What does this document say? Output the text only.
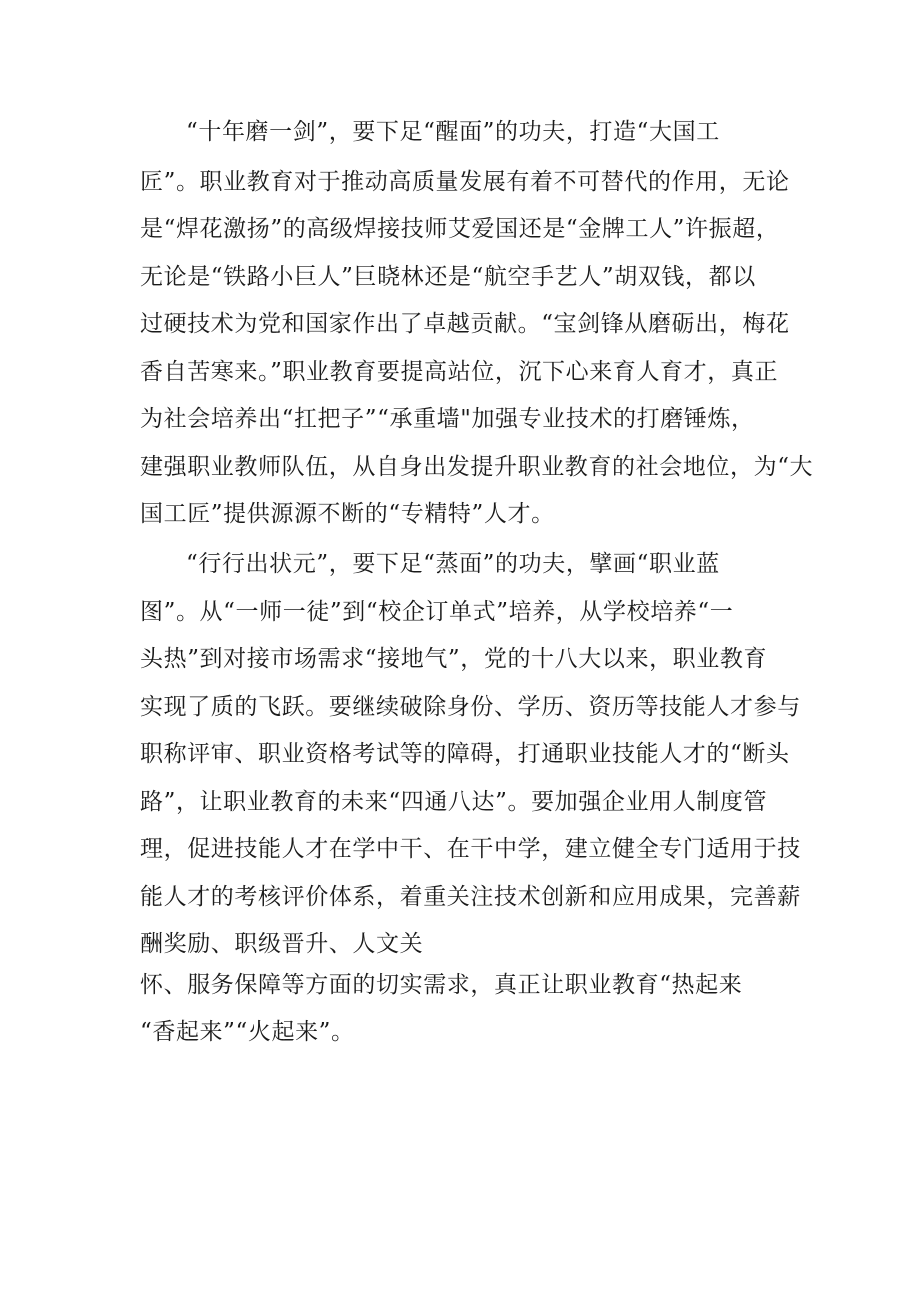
“十年磨一剑”，要下足“醒面”的功夫，打造“大国工
匠”。职业教育对于推动高质量发展有着不可替代的作用，无论
是“焊花激扬”的高级焊接技师艾爱国还是“金牌工人”许振超，
无论是“铁路小巨人”巨晓林还是“航空手艺人”胡双钱，都以
过硬技术为党和国家作出了卓越贡献。“宝剑锋从磨砺出，梅花
香自苦寒来。”职业教育要提高站位，沉下心来育人育才，真正
为社会培养出“扛把子”“承重墙"加强专业技术的打磨锤炼，
建强职业教师队伍，从自身出发提升职业教育的社会地位，为“大
国工匠”提供源源不断的“专精特”人才。
“行行出状元”，要下足“蒸面”的功夫，擘画“职业蓝
图”。从“一师一徒”到“校企订单式”培养，从学校培养“一
头热”到对接市场需求“接地气”，党的十八大以来，职业教育
实现了质的飞跃。要继续破除身份、学历、资历等技能人才参与
职称评审、职业资格考试等的障碍，打通职业技能人才的“断头
路”，让职业教育的未来“四通八达”。要加强企业用人制度管
理，促进技能人才在学中干、在干中学，建立健全专门适用于技
能人才的考核评价体系，着重关注技术创新和应用成果，完善薪
酬奖励、职级晋升、人文关
怀、服务保障等方面的切实需求，真正让职业教育“热起来
“香起来”“火起来”。
